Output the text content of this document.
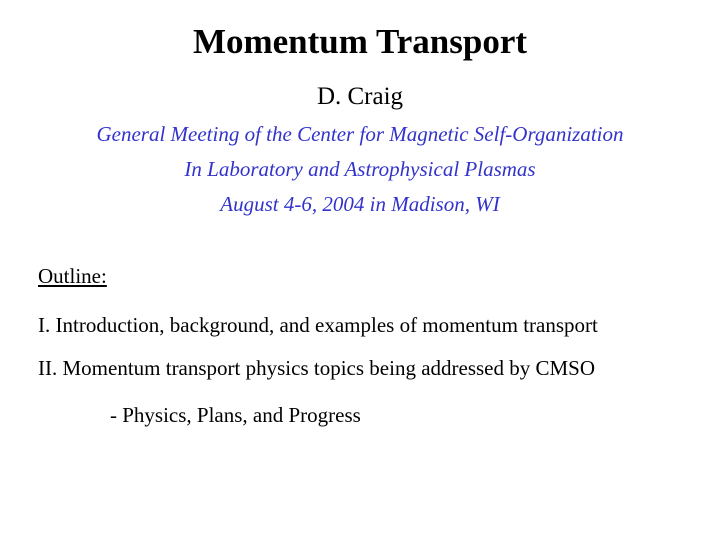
Momentum Transport
D. Craig
General Meeting of the Center for Magnetic Self-Organization
In Laboratory and Astrophysical Plasmas
August 4-6, 2004 in Madison, WI
Outline:
I. Introduction, background, and examples of momentum transport
II. Momentum transport physics topics being addressed by CMSO
- Physics, Plans, and Progress
